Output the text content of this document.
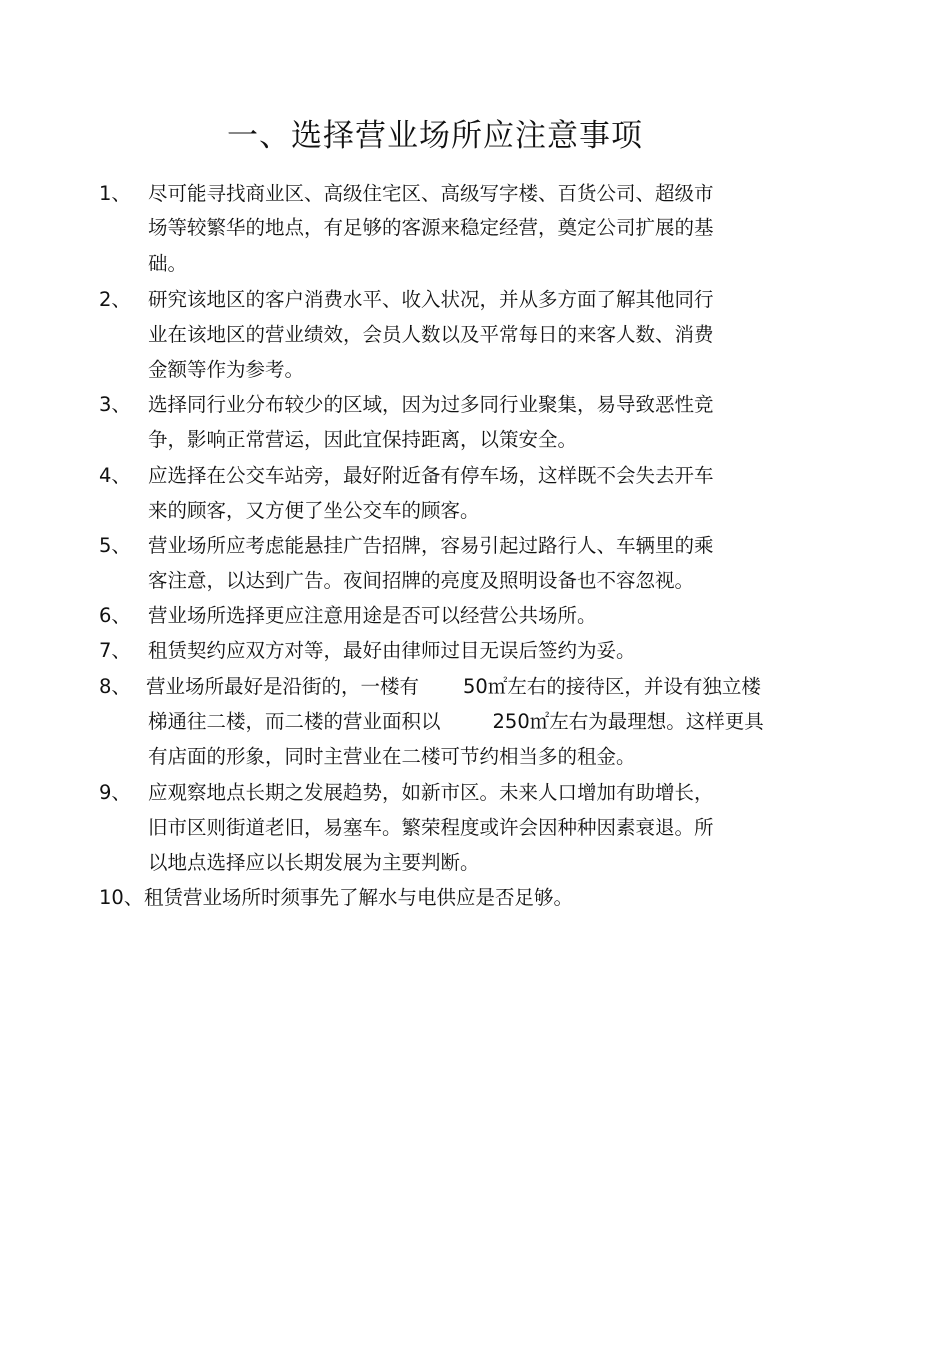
一、选择营业场所应注意事项
1、 尽可能寻找商业区、高级住宅区、高级写字楼、百货公司、超级市
场等较繁华的地点，有足够的客源来稳定经营，奠定公司扩展的基
础。
2、 研究该地区的客户消费水平、收入状况，并从多方面了解其他同行
业在该地区的营业绩效，会员人数以及平常每日的来客人数、消费
金额等作为参考。
3、 选择同行业分布较少的区域，因为过多同行业聚集，易导致恶性竞
争，影响正常营运，因此宜保持距离，以策安全。
4、 应选择在公交车站旁，最好附近备有停车场，这样既不会失去开车
来的顾客，又方便了坐公交车的顾客。
5、 营业场所应考虑能悬挂广告招牌，容易引起过路行人、车辆里的乘
客注意，以达到广告。夜间招牌的亮度及照明设备也不容忽视。
6、 营业场所选择更应注意用途是否可以经营公共场所。
7、 租赁契约应双方对等，最好由律师过目无误后签约为妥。
8、 营业场所最好是沿街的，一楼有 50㎡左右的接待区，并设有独立楼
梯通往二楼，而二楼的营业面积以	250㎡左右为最理想。这样更具
有店面的形象，同时主营业在二楼可节约相当多的租金。
9、 应观察地点长期之发展趋势，如新市区。未来人口增加有助增长，
旧市区则街道老旧，易塞车。繁荣程度或许会因种种因素衰退。所
以地点选择应以长期发展为主要判断。
10、 租赁营业场所时须事先了解水与电供应是否足够。
